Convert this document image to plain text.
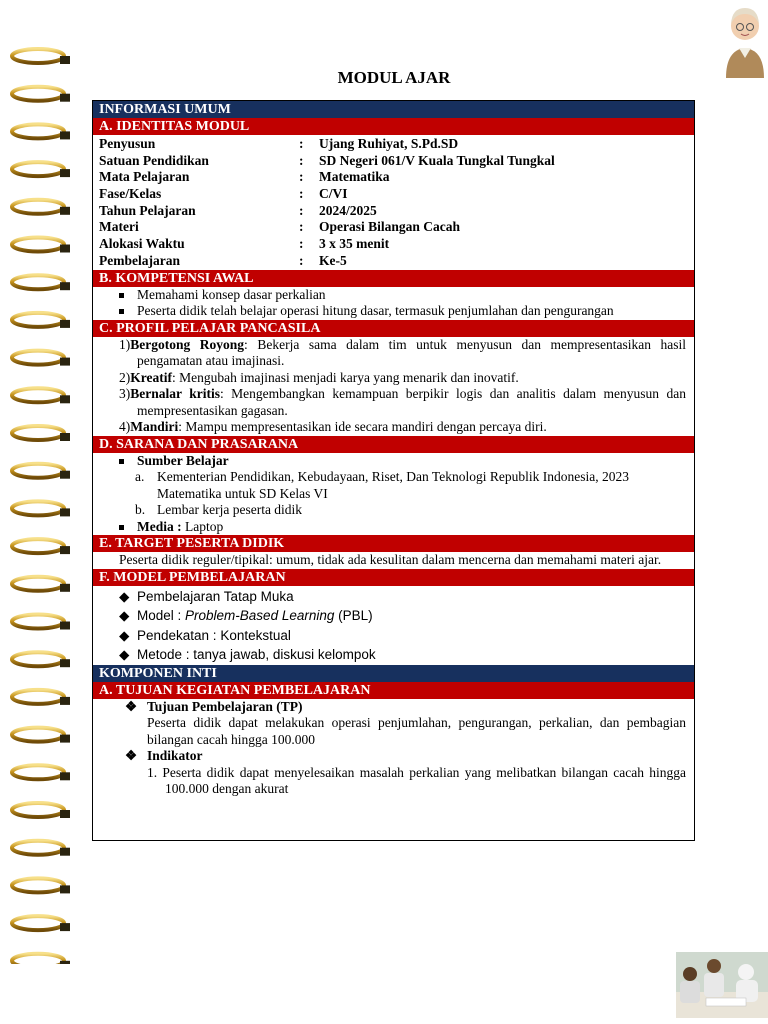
MODUL AJAR
INFORMASI UMUM
A. IDENTITAS MODUL
Penyusun	:	Ujang Ruhiyat, S.Pd.SD
Satuan Pendidikan	:	SD Negeri 061/V Kuala Tungkal Tungkal
Mata Pelajaran	:	Matematika
Fase/Kelas	:	C/VI
Tahun Pelajaran	:	2024/2025
Materi	:	Operasi Bilangan Cacah
Alokasi Waktu	:	3 x 35 menit
Pembelajaran	:	Ke-5
B. KOMPETENSI AWAL
Memahami konsep dasar perkalian
Peserta didik telah belajar operasi hitung dasar, termasuk penjumlahan dan pengurangan
C. PROFIL PELAJAR PANCASILA

1)Bergotong Royong: Bekerja sama dalam tim untuk menyusun dan mempresentasikan hasil pengamatan atau imajinasi.

2)Kreatif: Mengubah imajinasi menjadi karya yang menarik dan inovatif.

3)Bernalar kritis: Mengembangkan kemampuan berpikir logis dan analitis dalam menyusun dan mempresentasikan gagasan.

4)Mandiri: Mampu mempresentasikan ide secara mandiri dengan percaya diri.

D. SARANA DAN PRASARANA
Sumber Belajar

a. Kementerian Pendidikan, Kebudayaan, Riset, Dan Teknologi Republik Indonesia, 2023 Matematika untuk SD Kelas VI

b. Lembar kerja peserta didik

Media : Laptop
E. TARGET PESERTA DIDIK
Peserta didik reguler/tipikal: umum, tidak ada kesulitan dalam mencerna dan memahami materi ajar.
F. MODEL PEMBELAJARAN
◆ Pembelajaran Tatap Muka
◆ Model : Problem-Based Learning (PBL)
◆ Pendekatan : Kontekstual
◆ Metode : tanya jawab, diskusi kelompok
KOMPONEN INTI
A. TUJUAN KEGIATAN PEMBELAJARAN
❖ Tujuan Pembelajaran (TP)
Peserta didik dapat melakukan operasi penjumlahan, pengurangan, perkalian, dan pembagian bilangan cacah hingga 100.000
❖ Indikator

1. Peserta didik dapat menyelesaikan masalah perkalian yang melibatkan bilangan cacah hingga 100.000 dengan akurat
